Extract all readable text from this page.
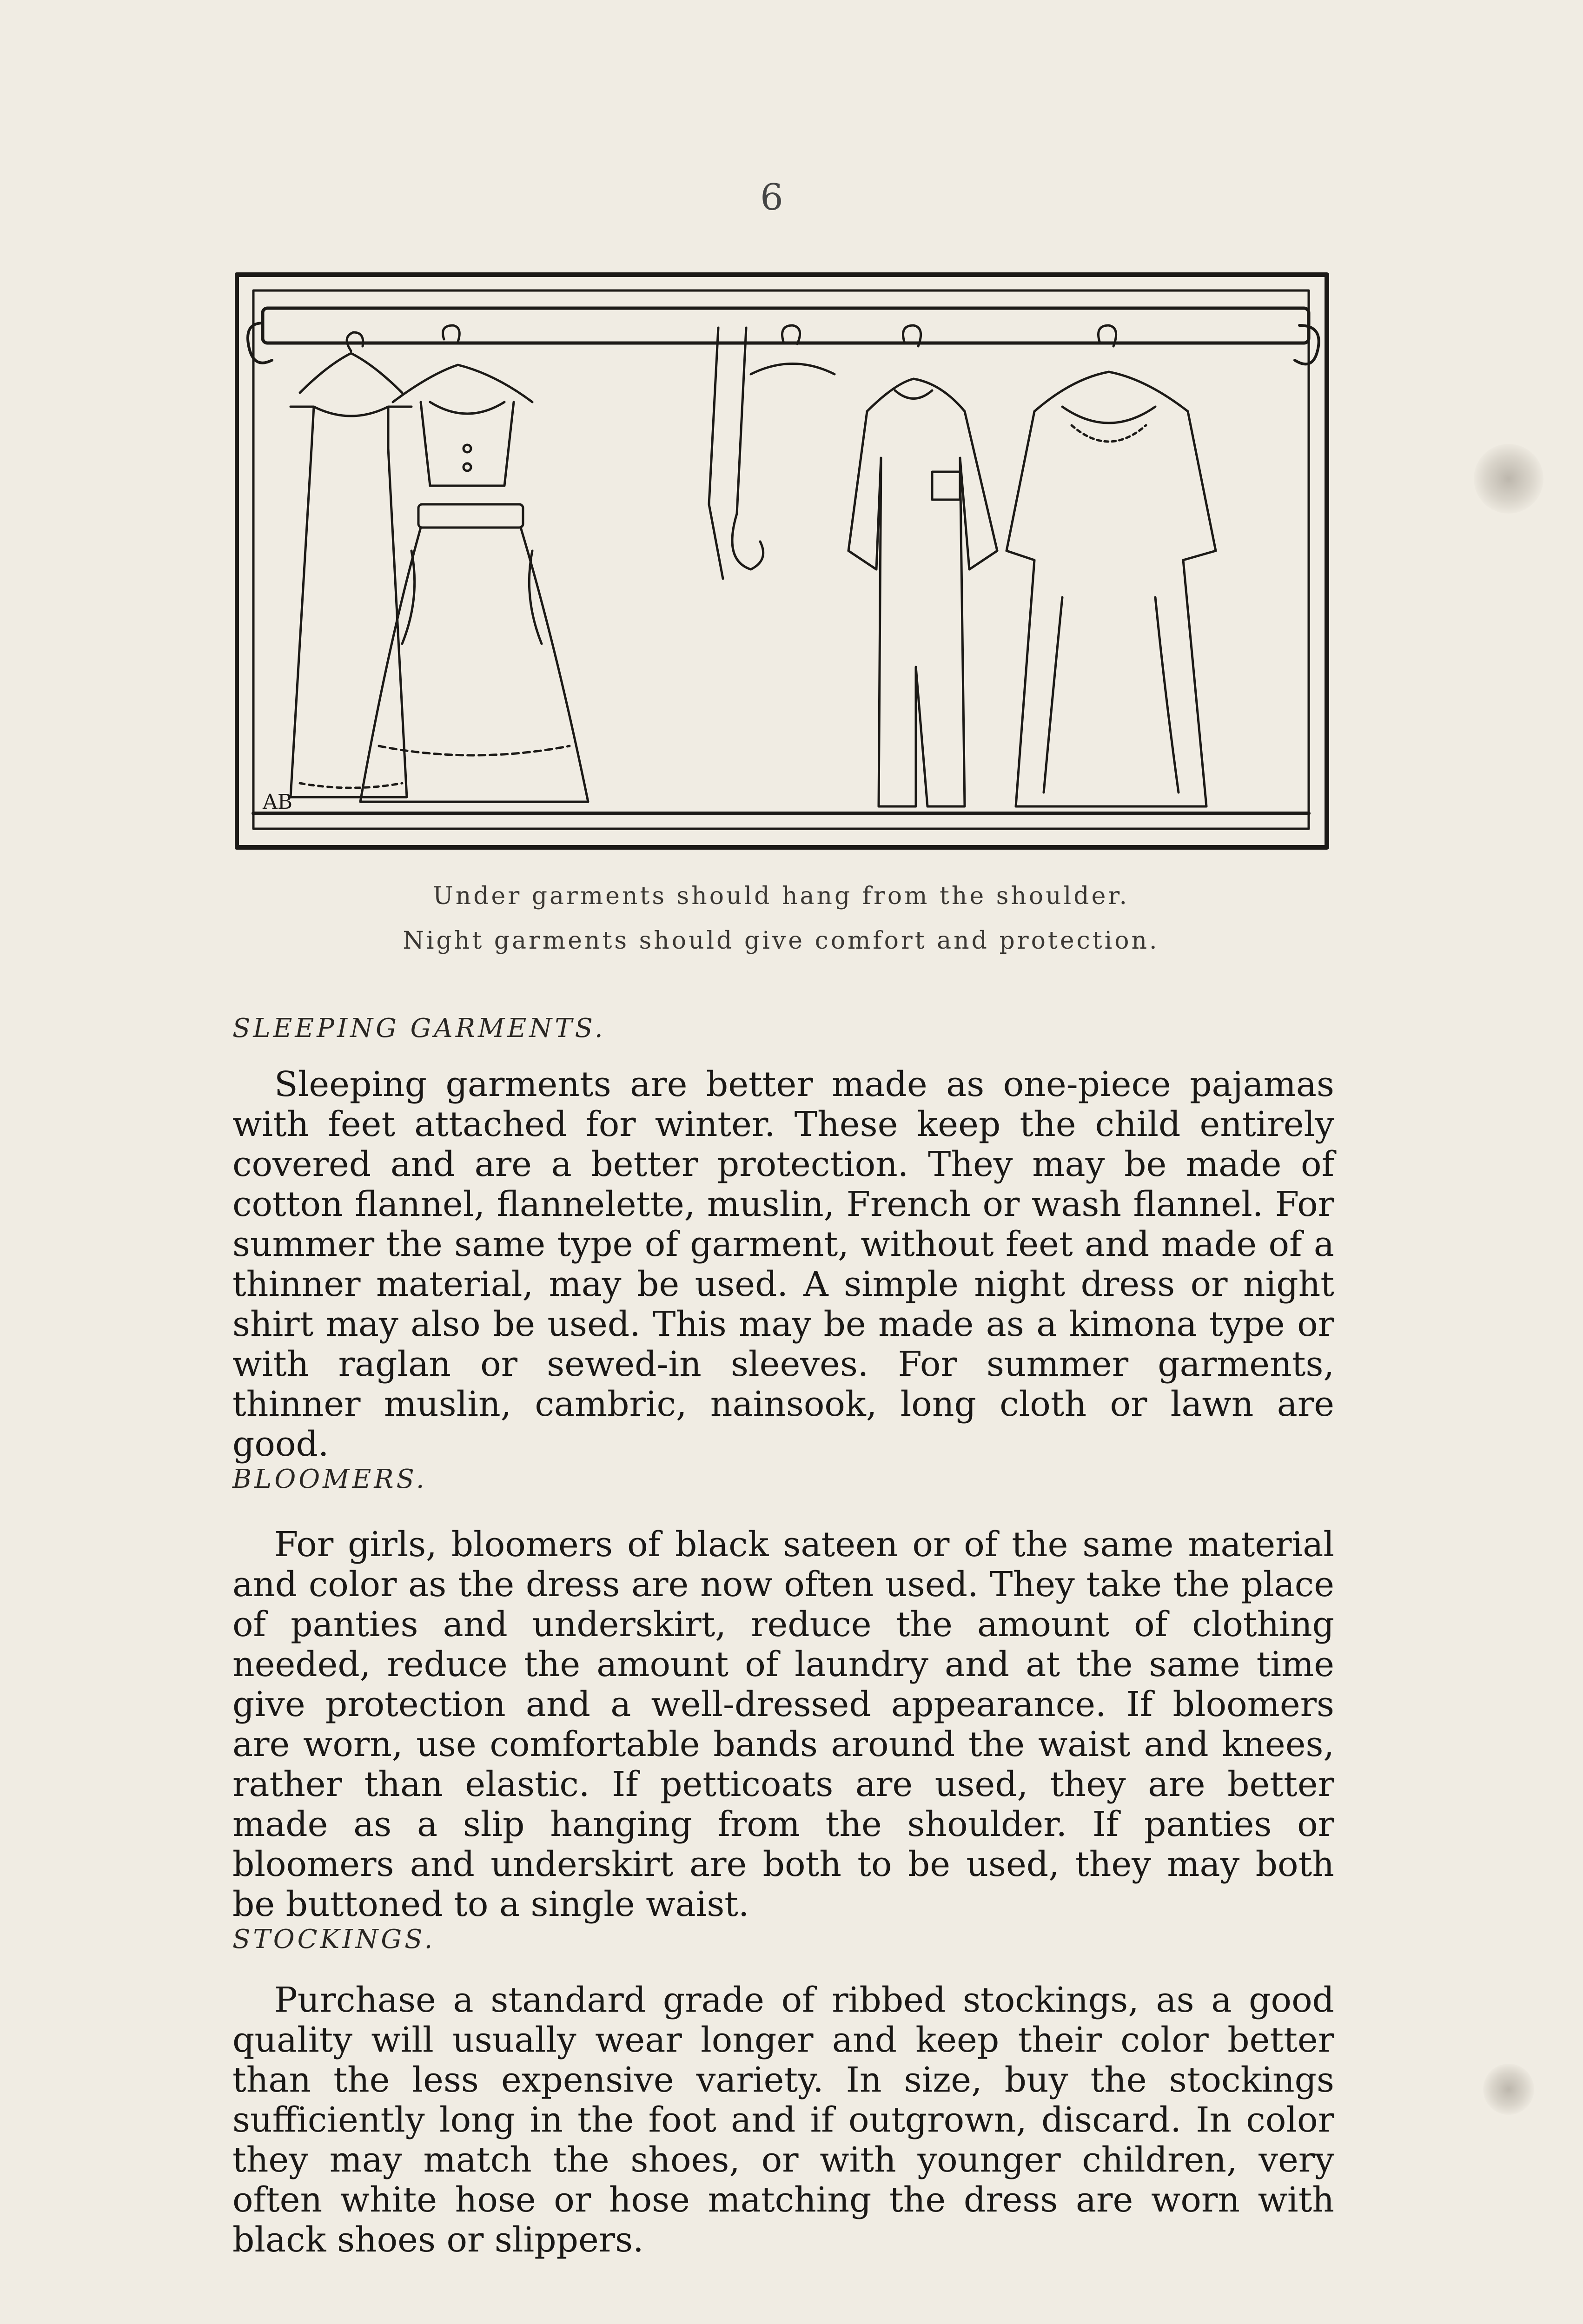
6
AB
Under garments should hang from the shoulder.
Night garments should give comfort and protection.
SLEEPING GARMENTS.
Sleeping garments are better made as one-piece pajamas with feet attached for winter. These keep the child entirely covered and are a better protection. They may be made of cotton flannel, flannelette, muslin, French or wash flannel. For summer the same type of garment, without feet and made of a thinner material, may be used. A simple night dress or night shirt may also be used. This may be made as a kimona type or with raglan or sewed-in sleeves. For summer garments, thinner muslin, cambric, nainsook, long cloth or lawn are good.
BLOOMERS.
For girls, bloomers of black sateen or of the same material and color as the dress are now often used. They take the place of panties and underskirt, reduce the amount of clothing needed, reduce the amount of laundry and at the same time give protection and a well-dressed appearance. If bloomers are worn, use comfortable bands around the waist and knees, rather than elastic. If petticoats are used, they are better made as a slip hanging from the shoulder. If panties or bloomers and underskirt are both to be used, they may both be buttoned to a single waist.
STOCKINGS.
Purchase a standard grade of ribbed stockings, as a good quality will usually wear longer and keep their color better than the less expensive variety. In size, buy the stockings sufficiently long in the foot and if outgrown, discard. In color they may match the shoes, or with younger children, very often white hose or hose matching the dress are worn with black shoes or slippers.
